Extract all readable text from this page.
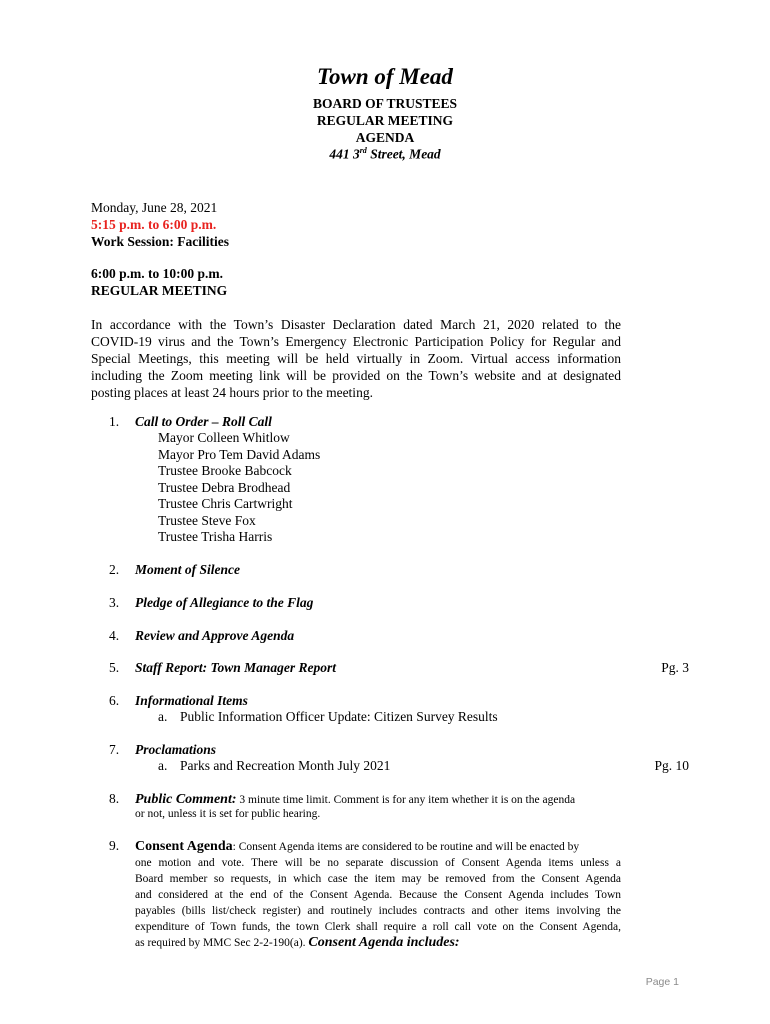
Town of Mead
BOARD OF TRUSTEES
REGULAR MEETING
AGENDA
441 3rd Street, Mead
Monday, June 28, 2021
5:15 p.m. to 6:00 p.m.
Work Session: Facilities
6:00 p.m. to 10:00 p.m.
REGULAR MEETING
In accordance with the Town’s Disaster Declaration dated March 21, 2020 related to the
COVID-19 virus and the Town’s Emergency Electronic Participation Policy for Regular and
Special Meetings, this meeting will be held virtually in Zoom. Virtual access information
including the Zoom meeting link will be provided on the Town’s website and at designated
posting places at least 24 hours prior to the meeting.
1. Call to Order – Roll Call
Mayor Colleen Whitlow
Mayor Pro Tem David Adams
Trustee Brooke Babcock
Trustee Debra Brodhead
Trustee Chris Cartwright
Trustee Steve Fox
Trustee Trisha Harris
2. Moment of Silence
3. Pledge of Allegiance to the Flag
4. Review and Approve Agenda
5. Staff Report: Town Manager Report	Pg. 3
6. Informational Items
a. Public Information Officer Update: Citizen Survey Results
7. Proclamations
a. Parks and Recreation Month July 2021	Pg. 10
8. Public Comment: 3 minute time limit. Comment is for any item whether it is on the agenda
or not, unless it is set for public hearing.
9. Consent Agenda: Consent Agenda items are considered to be routine and will be enacted by
one motion and vote. There will be no separate discussion of Consent Agenda items unless a
Board member so requests, in which case the item may be removed from the Consent Agenda
and considered at the end of the Consent Agenda. Because the Consent Agenda includes Town
payables (bills list/check register) and routinely includes contracts and other items involving the
expenditure of Town funds, the town Clerk shall require a roll call vote on the Consent Agenda,
as required by MMC Sec 2-2-190(a). Consent Agenda includes:
Page 1
